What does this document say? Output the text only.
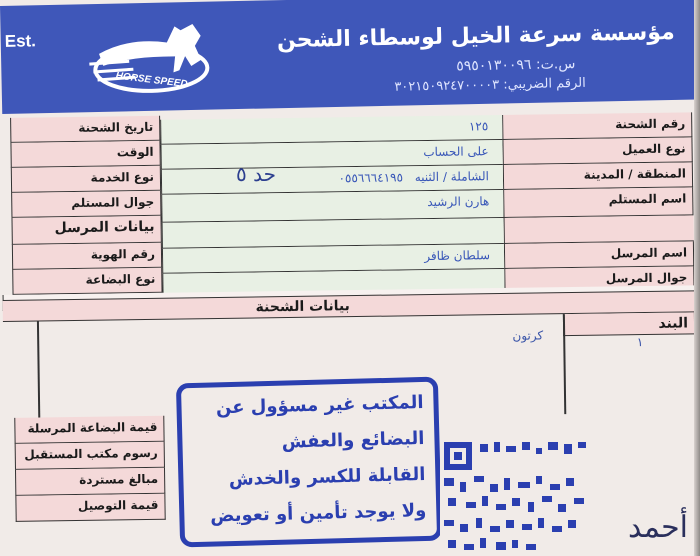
Est.
HORSE SPEED
مؤسسة سرعة الخيل لوسطاء الشحن
س.ت: ٥٩٥٠١٣٠٠٩٦
الرقم الضريبي: ٣٠٢١٥٠٩٢٤٧٠٠٠٠٣
رقم الشحنة
نوع العميل
المنطقة / المدينة
اسم المستلم
اسم المرسل
جوال المرسل
١٢٥
على الحساب
الشاملة / الثنيه ٠٥٥٦٦٦٤١٩٥
هارن الرشيد
سلطان ظافر
تاريخ الشحنة
الوقت
نوع الخدمة
جوال المستلم
بيانات المرسل
رقم الهوية
نوع البضاعة
بيانات الشحنة
البند
١
كرتون
قيمة البضاعة المرسلة
رسوم مكتب المستقبل
مبالغ مستردة
قيمة التوصيل
حد ٥
المكتب غير مسؤول عن
البضائع والعفش
القابلة للكسر والخدش
ولا يوجد تأمين أو تعويض	أحمد
